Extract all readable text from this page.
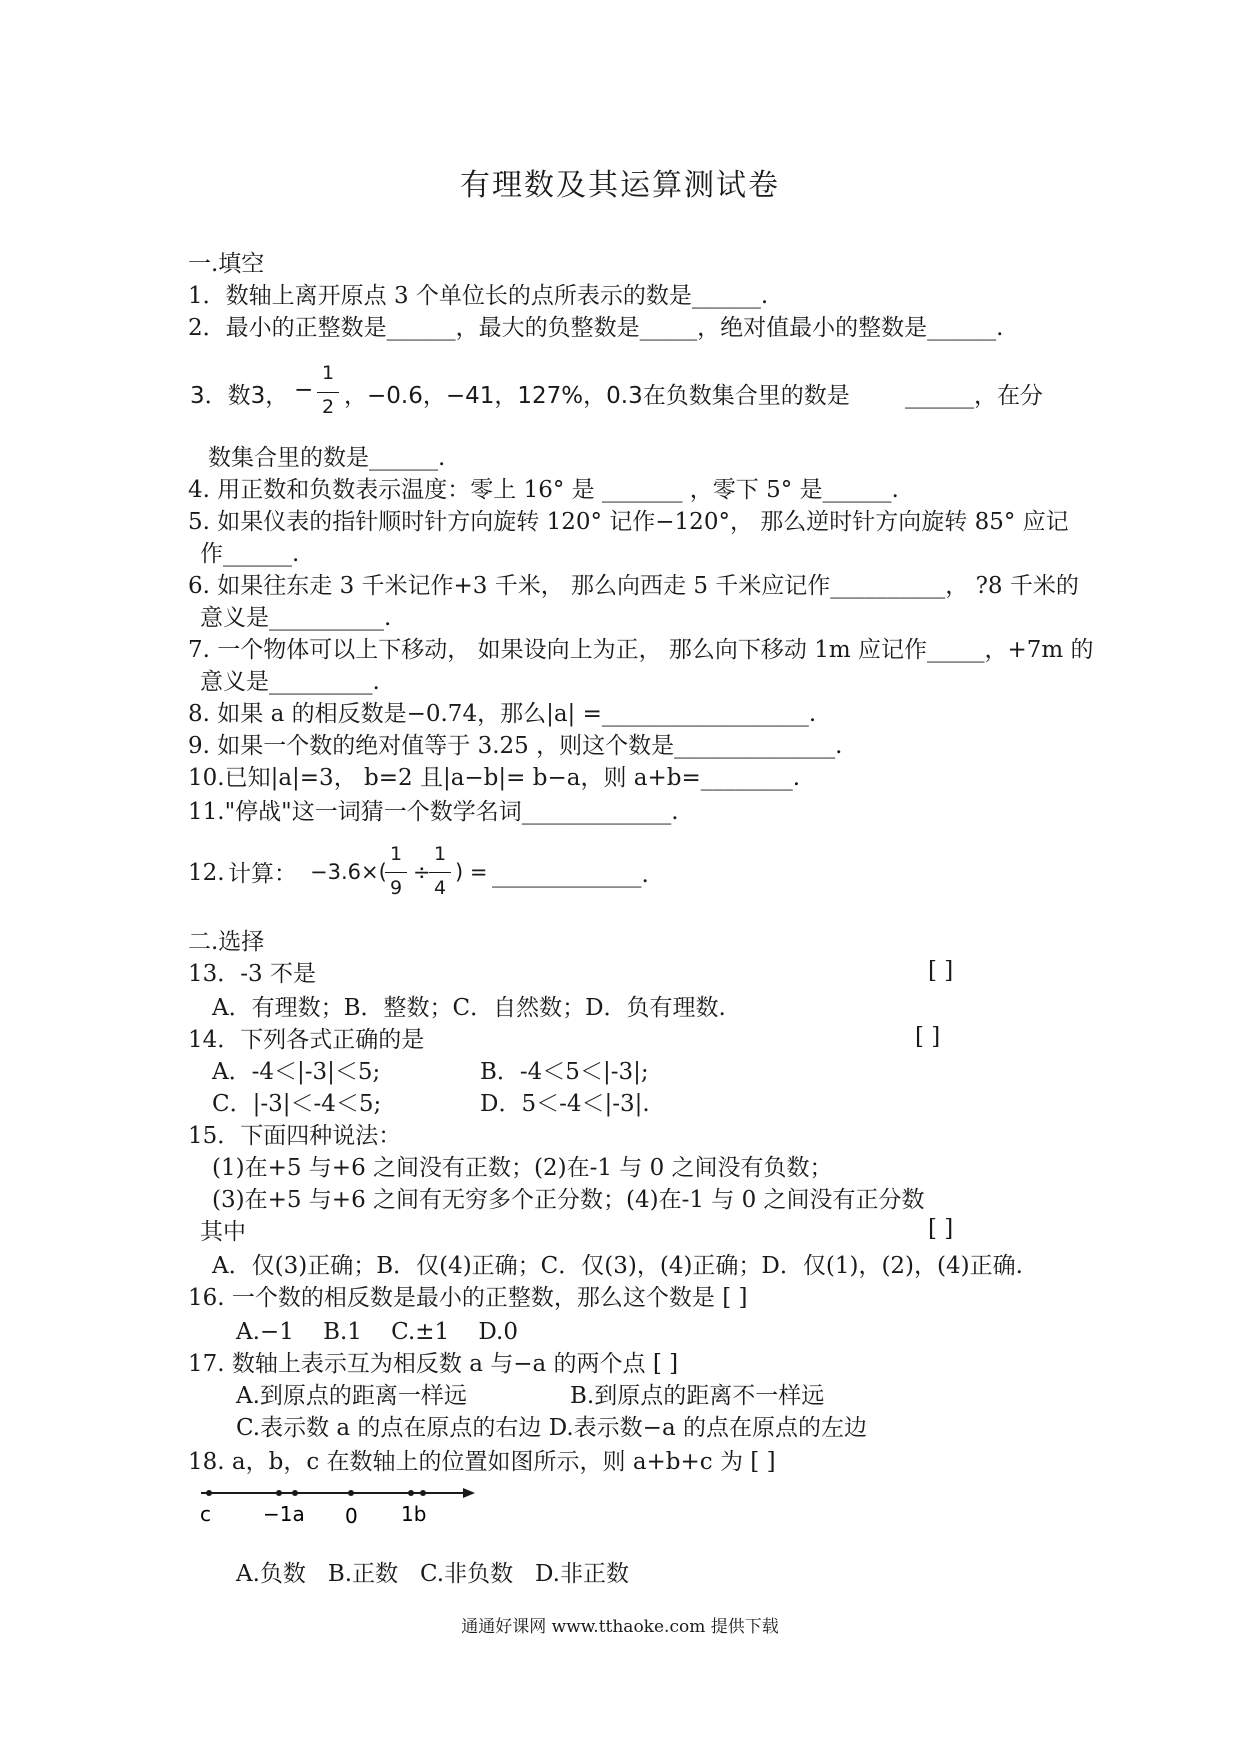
有理数及其运算测试卷
一.填空
1．数轴上离开原点 3 个单位长的点所表示的数是______.
2．最小的正整数是______，最大的负整数是_____，绝对值最小的整数是______.
3．数3， −
1
2 ，−0.6，−41，127%，0.3在负数集合里的数是 ______，在分
数集合里的数是______.
4. 用正数和负数表示温度：零上 16° 是 _______ ，零下 5° 是______.
5. 如果仪表的指针顺时针方向旋转 120° 记作−120°， 那么逆时针方向旋转 85° 应记
作______.
6. 如果往东走 3 千米记作+3 千米， 那么向西走 5 千米应记作__________， ?8 千米的
意义是__________.
7. 一个物体可以上下移动， 如果设向上为正， 那么向下移动 1m 应记作_____，+7m 的
意义是_________.
8. 如果 a 的相反数是−0.74，那么|a| =__________________.
9. 如果一个数的绝对值等于 3.25 ，则这个数是______________.
10.已知|a|=3， b=2 且|a−b|= b−a，则 a+b=________.
11."停战"这一词猜一个数学名词_____________.
12. 计算： −3.6×(
1
9
÷
1
4
) = _____________.
二.选择
13．-3 不是	[ ]
A．有理数；B．整数；C．自然数；D．负有理数.
14．下列各式正确的是	[ ]
A．-4＜|-3|＜5;	B．-4＜5＜|-3|;
C．|-3|＜-4＜5;	D．5＜-4＜|-3|.
15．下面四种说法：
(1)在+5 与+6 之间没有正数；(2)在-1 与 0 之间没有负数；
(3)在+5 与+6 之间有无穷多个正分数；(4)在-1 与 0 之间没有正分数
其中	[ ]
A．仅(3)正确；B．仅(4)正确；C．仅(3)，(4)正确；D．仅(1)，(2)，(4)正确.
16. 一个数的相反数是最小的正整数，那么这个数是 [ ]
A.−1    B.1    C.±1    D.0
17. 数轴上表示互为相反数 a 与−a 的两个点 [ ]
A.到原点的距离一样远	B.到原点的距离不一样远
C.表示数 a 的点在原点的右边 D.表示数−a 的点在原点的左边
18. a，b，c 在数轴上的位置如图所示，则 a+b+c 为 [ ]
c	−1a 0 1b
A.负数   B.正数   C.非负数   D.非正数
通通好课网 www.tthaoke.com 提供下载
